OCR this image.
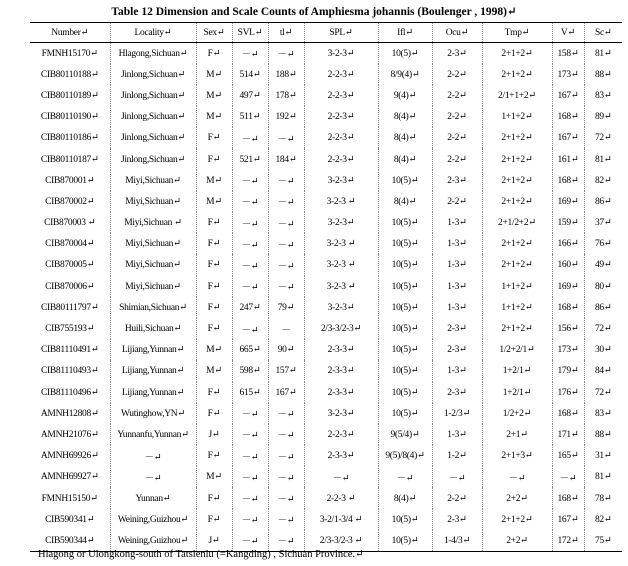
Table 12 Dimension and Scale Counts of Amphiesma johannis (Boulenger , 1998)↵
Number↵	Locality↵	Sex↵	SVL↵	tl↵	SPL↵	Ifl↵	Ocu↵	Tmp↵	V↵	Sc↵
FMNH15170↵	Hlagong,Sichuan↵	F↵	－↵	－↵	3-2-3↵	10(5)↵	2-3↵	2+1+2↵	158↵	81↵
CIB80110188↵	Jinlong,Sichuan↵	M↵	514↵	188↵	2-2-3↵	8/9(4)↵	2-2↵	2+1+2↵	173↵	88↵
CIB80110189↵	Jinlong,Sichuan↵	M↵	497↵	178↵	2-2-3↵	9(4)↵	2-2↵	2/1+1+2↵	167↵	83↵
CIB80110190↵	Jinlong,Sichuan↵	M↵	511↵	192↵	2-2-3↵	8(4)↵	2-2↵	1+1+2↵	168↵	89↵
CIB80110186↵	Jinlong,Sichuan↵	F↵	－↵	－↵	2-2-3↵	8(4)↵	2-2↵	2+1+2↵	167↵	72↵
CIB80110187↵	Jinlong,Sichuan↵	F↵	521↵	184↵	2-2-3↵	8(4)↵	2-2↵	2+1+2↵	161↵	81↵
CIB870001↵	Miyi,Sichuan↵	M↵	－↵	－↵	3-2-3↵	10(5)↵	2-3↵	2+1+2↵	168↵	82↵
CIB870002↵	Miyi,Sichuan↵	M↵	－↵	－↵	3-2-3 ↵	8(4)↵	2-2↵	2+1+2↵	169↵	86↵
CIB870003 ↵	Miyi,Sichuan ↵	F↵	－↵	－↵	3-2-3↵	10(5)↵	1-3↵	2+1/2+2↵	159↵	37↵
CIB870004↵	Miyi,Sichuan↵	F↵	－↵	－↵	3-2-3 ↵	10(5)↵	1-3↵	2+1+2↵	166↵	76↵
CIB870005↵	Miyi,Sichuan↵	F↵	－↵	－↵	3-2-3 ↵	10(5)↵	1-3↵	2+1+2↵	160↵	49↵
CIB870006↵	Miyi,Sichuan↵	F↵	－↵	－↵	3-2-3 ↵	10(5)↵	1-3↵	1+1+2↵	169↵	80↵
CIB80111797↵	Shimian,Sichuan↵	F↵	247↵	79↵	3-2-3↵	10(5)↵	1-3↵	1+1+2↵	168↵	86↵
CIB755193↵	Huili,Sichuan↵	F↵	－↵	－	2/3-3/2-3↵	10(5)↵	2-3↵	2+1+2↵	156↵	72↵
CIB81110491↵	Lijiang,Yunnan↵	M↵	665↵	90↵	2-3-3↵	10(5)↵	2-3↵	1/2+2/1↵	173↵	30↵
CIB81110493↵	Lijiang,Yunnan↵	M↵	598↵	157↵	2-3-3↵	10(5)↵	1-3↵	1+2/1↵	179↵	84↵
CIB81110496↵	Lijiang,Yunnan↵	F↵	615↵	167↵	2-3-3↵	10(5)↵	2-3↵	1+2/1↵	176↵	72↵
AMNH12808↵	Wutinghow,YN↵	F↵	－↵	－↵	3-2-3↵	10(5)↵	1-2/3↵	1/2+2↵	168↵	83↵
AMNH21076↵	Yunnanfu,Yunnan↵	J↵	－↵	－↵	2-2-3↵	9(5/4)↵	1-3↵	2+1↵	171↵	88↵
AMNH69926↵	－↵	F↵	－↵	－↵	2-3-3↵	9(5)/8(4)↵	1-2↵	2+1+3↵	165↵	31↵
AMNH69927↵	－↵	M↵	－↵	－↵	－↵	－↵	－↵	－↵	－↵	81↵
FMNH15150↵	Yunnan↵	F↵	－↵	－↵	2-2-3 ↵	8(4)↵	2-2↵	2+2↵	168↵	78↵
CIB590341↵	Weining,Guizhou↵	F↵	－↵	－↵	3-2/1-3/4 ↵	10(5)↵	2-3↵	2+1+2↵	167↵	82↵
CIB590344↵	Weining,Guizhou↵	J↵	－↵	－↵	2/3-3/2-3 ↵	10(5)↵	1-4/3↵	2+2↵	172↵	75↵
Hlagong or Ulongkong-south of Tatsienlu (=Kangding) , Sichuan Province.↵
